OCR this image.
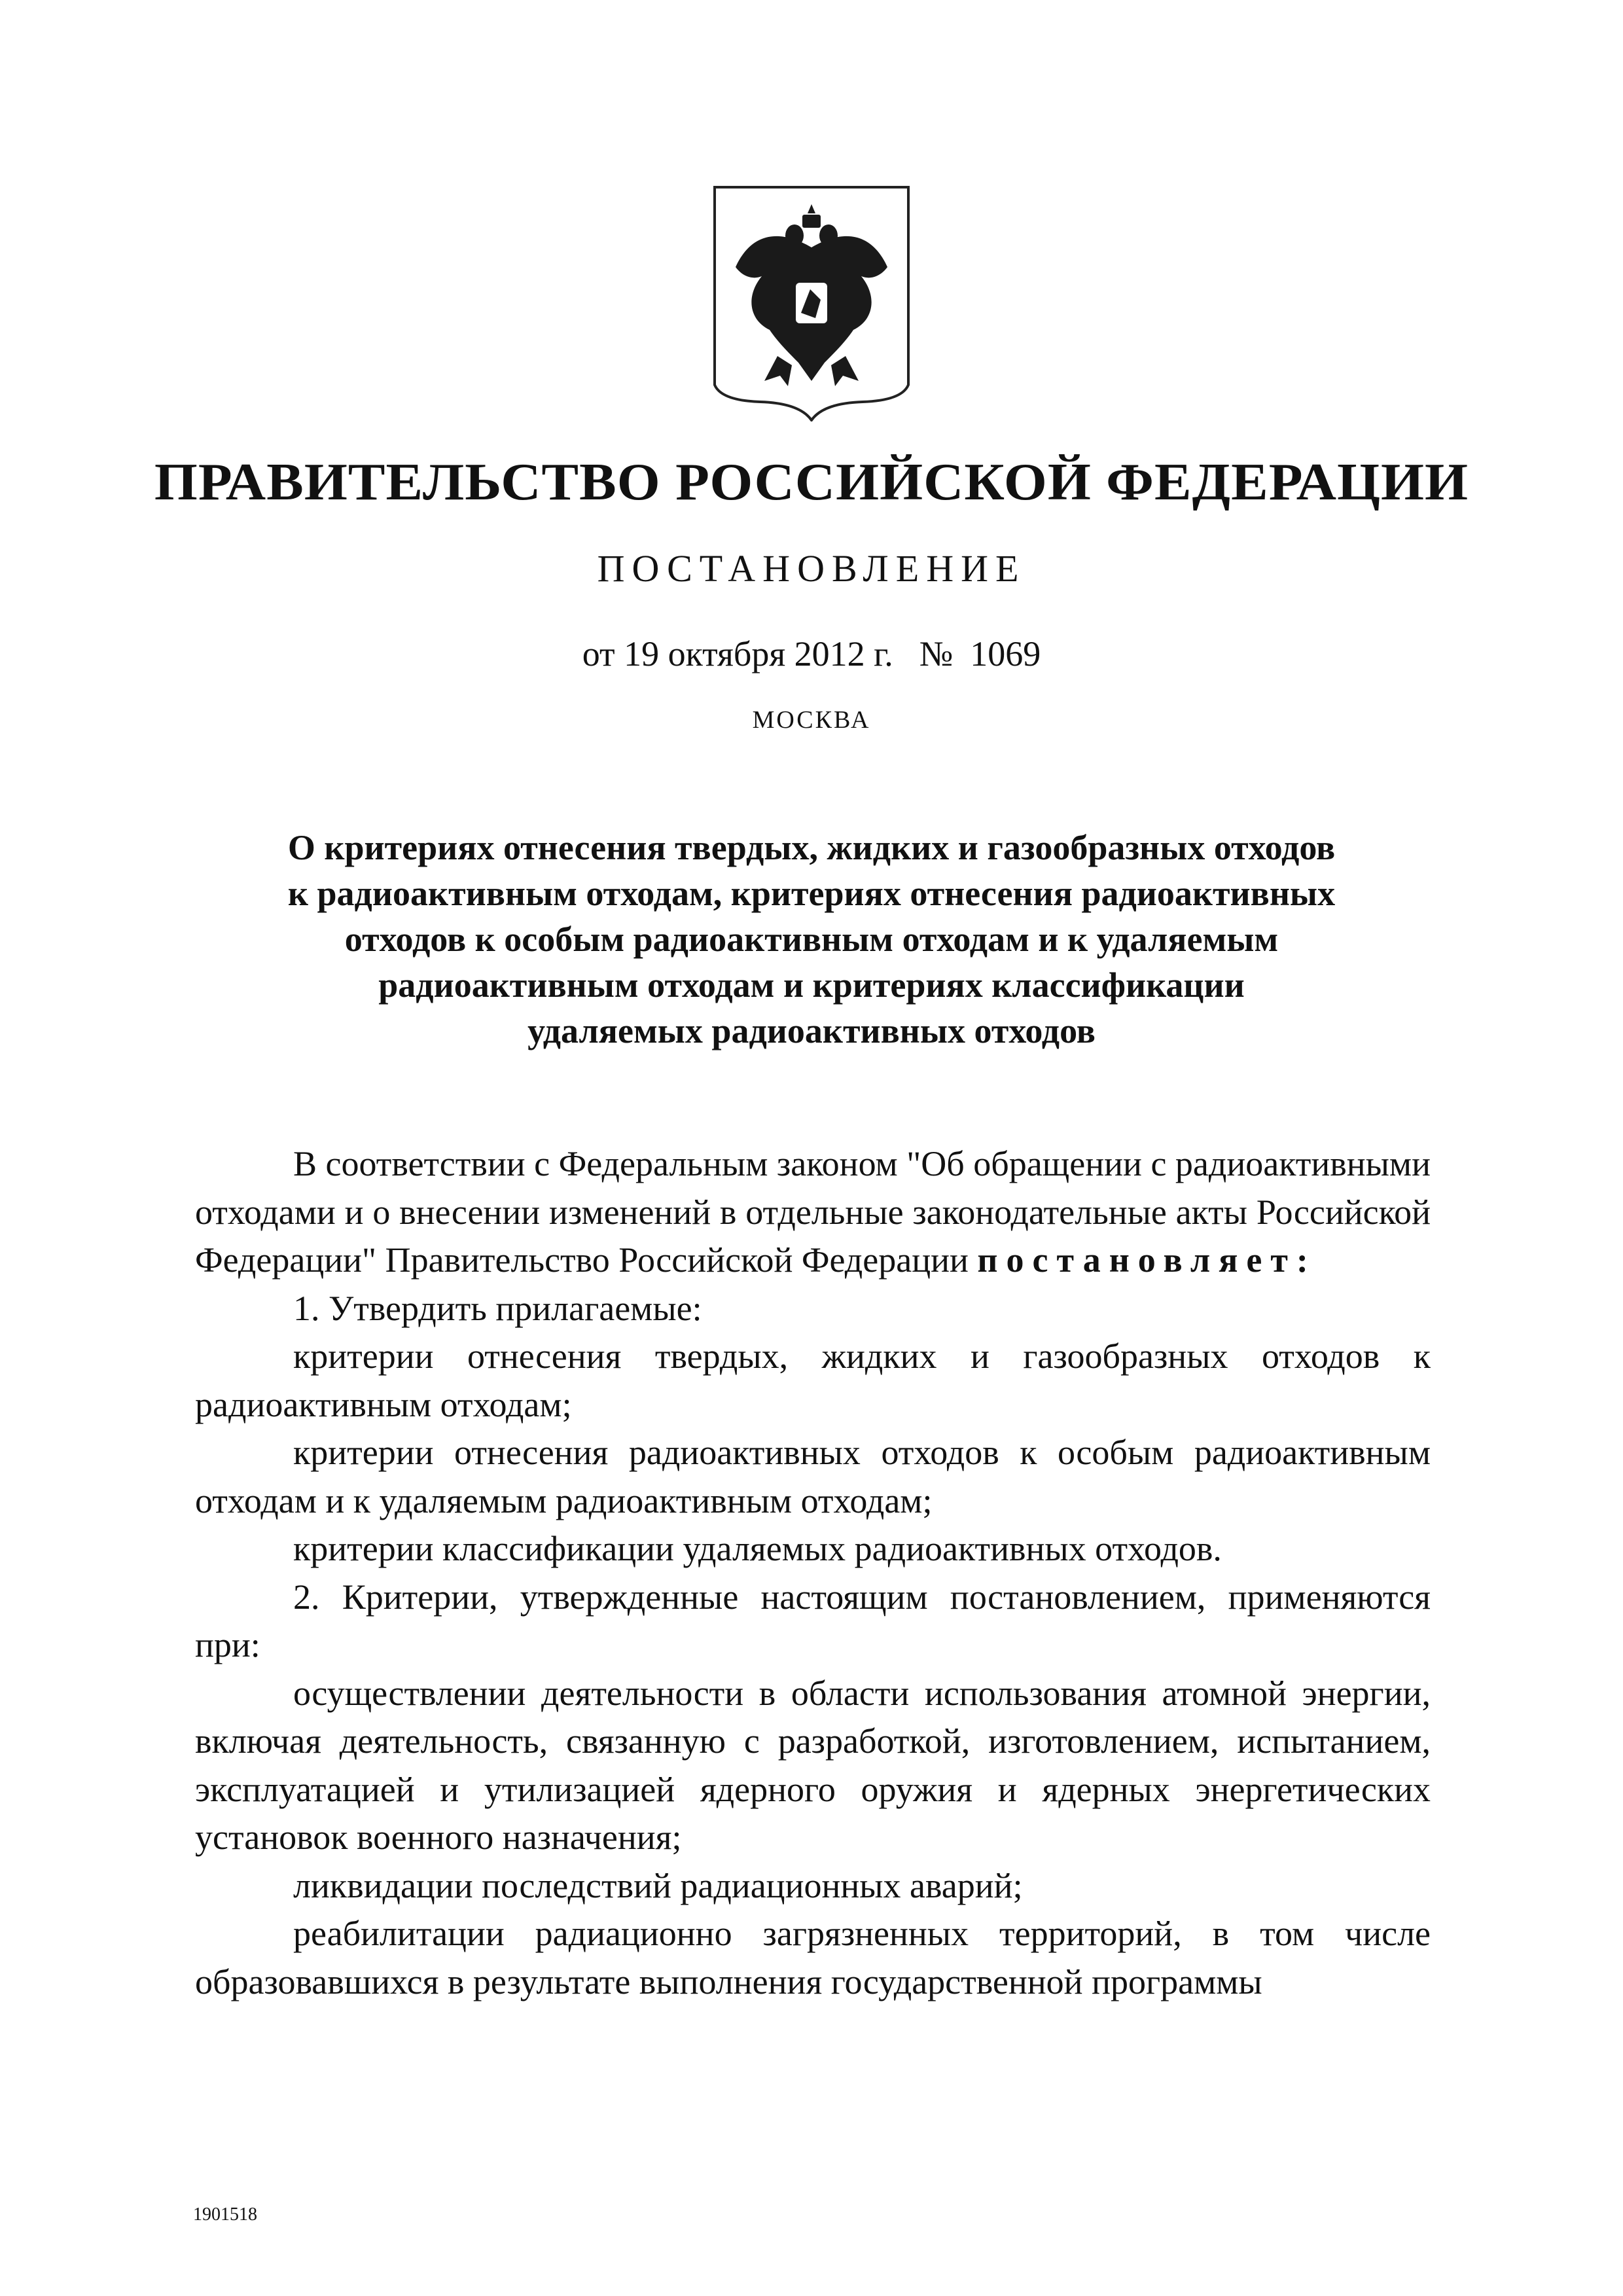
ПРАВИТЕЛЬСТВО РОССИЙСКОЙ ФЕДЕРАЦИИ
ПОСТАНОВЛЕНИЕ
от 19 октября 2012 г. № 1069
МОСКВА
О критериях отнесения твердых, жидких и газообразных отходов
к радиоактивным отходам, критериях отнесения радиоактивных
отходов к особым радиоактивным отходам и к удаляемым
радиоактивным отходам и критериях классификации
удаляемых радиоактивных отходов

В соответствии с Федеральным законом "Об обращении с радиоактивными отходами и о внесении изменений в отдельные законодательные акты Российской Федерации" Правительство Российской Федерации постановляет:

1. Утвердить прилагаемые:

критерии отнесения твердых, жидких и газообразных отходов к радиоактивным отходам;

критерии отнесения радиоактивных отходов к особым радиоактивным отходам и к удаляемым радиоактивным отходам;

критерии классификации удаляемых радиоактивных отходов.

2. Критерии, утвержденные настоящим постановлением, применяются при:

осуществлении деятельности в области использования атомной энергии, включая деятельность, связанную с разработкой, изготовлением, испытанием, эксплуатацией и утилизацией ядерного оружия и ядерных энергетических установок военного назначения;

ликвидации последствий радиационных аварий;

реабилитации радиационно загрязненных территорий, в том числе образовавшихся в результате выполнения государственной программы

1901518
